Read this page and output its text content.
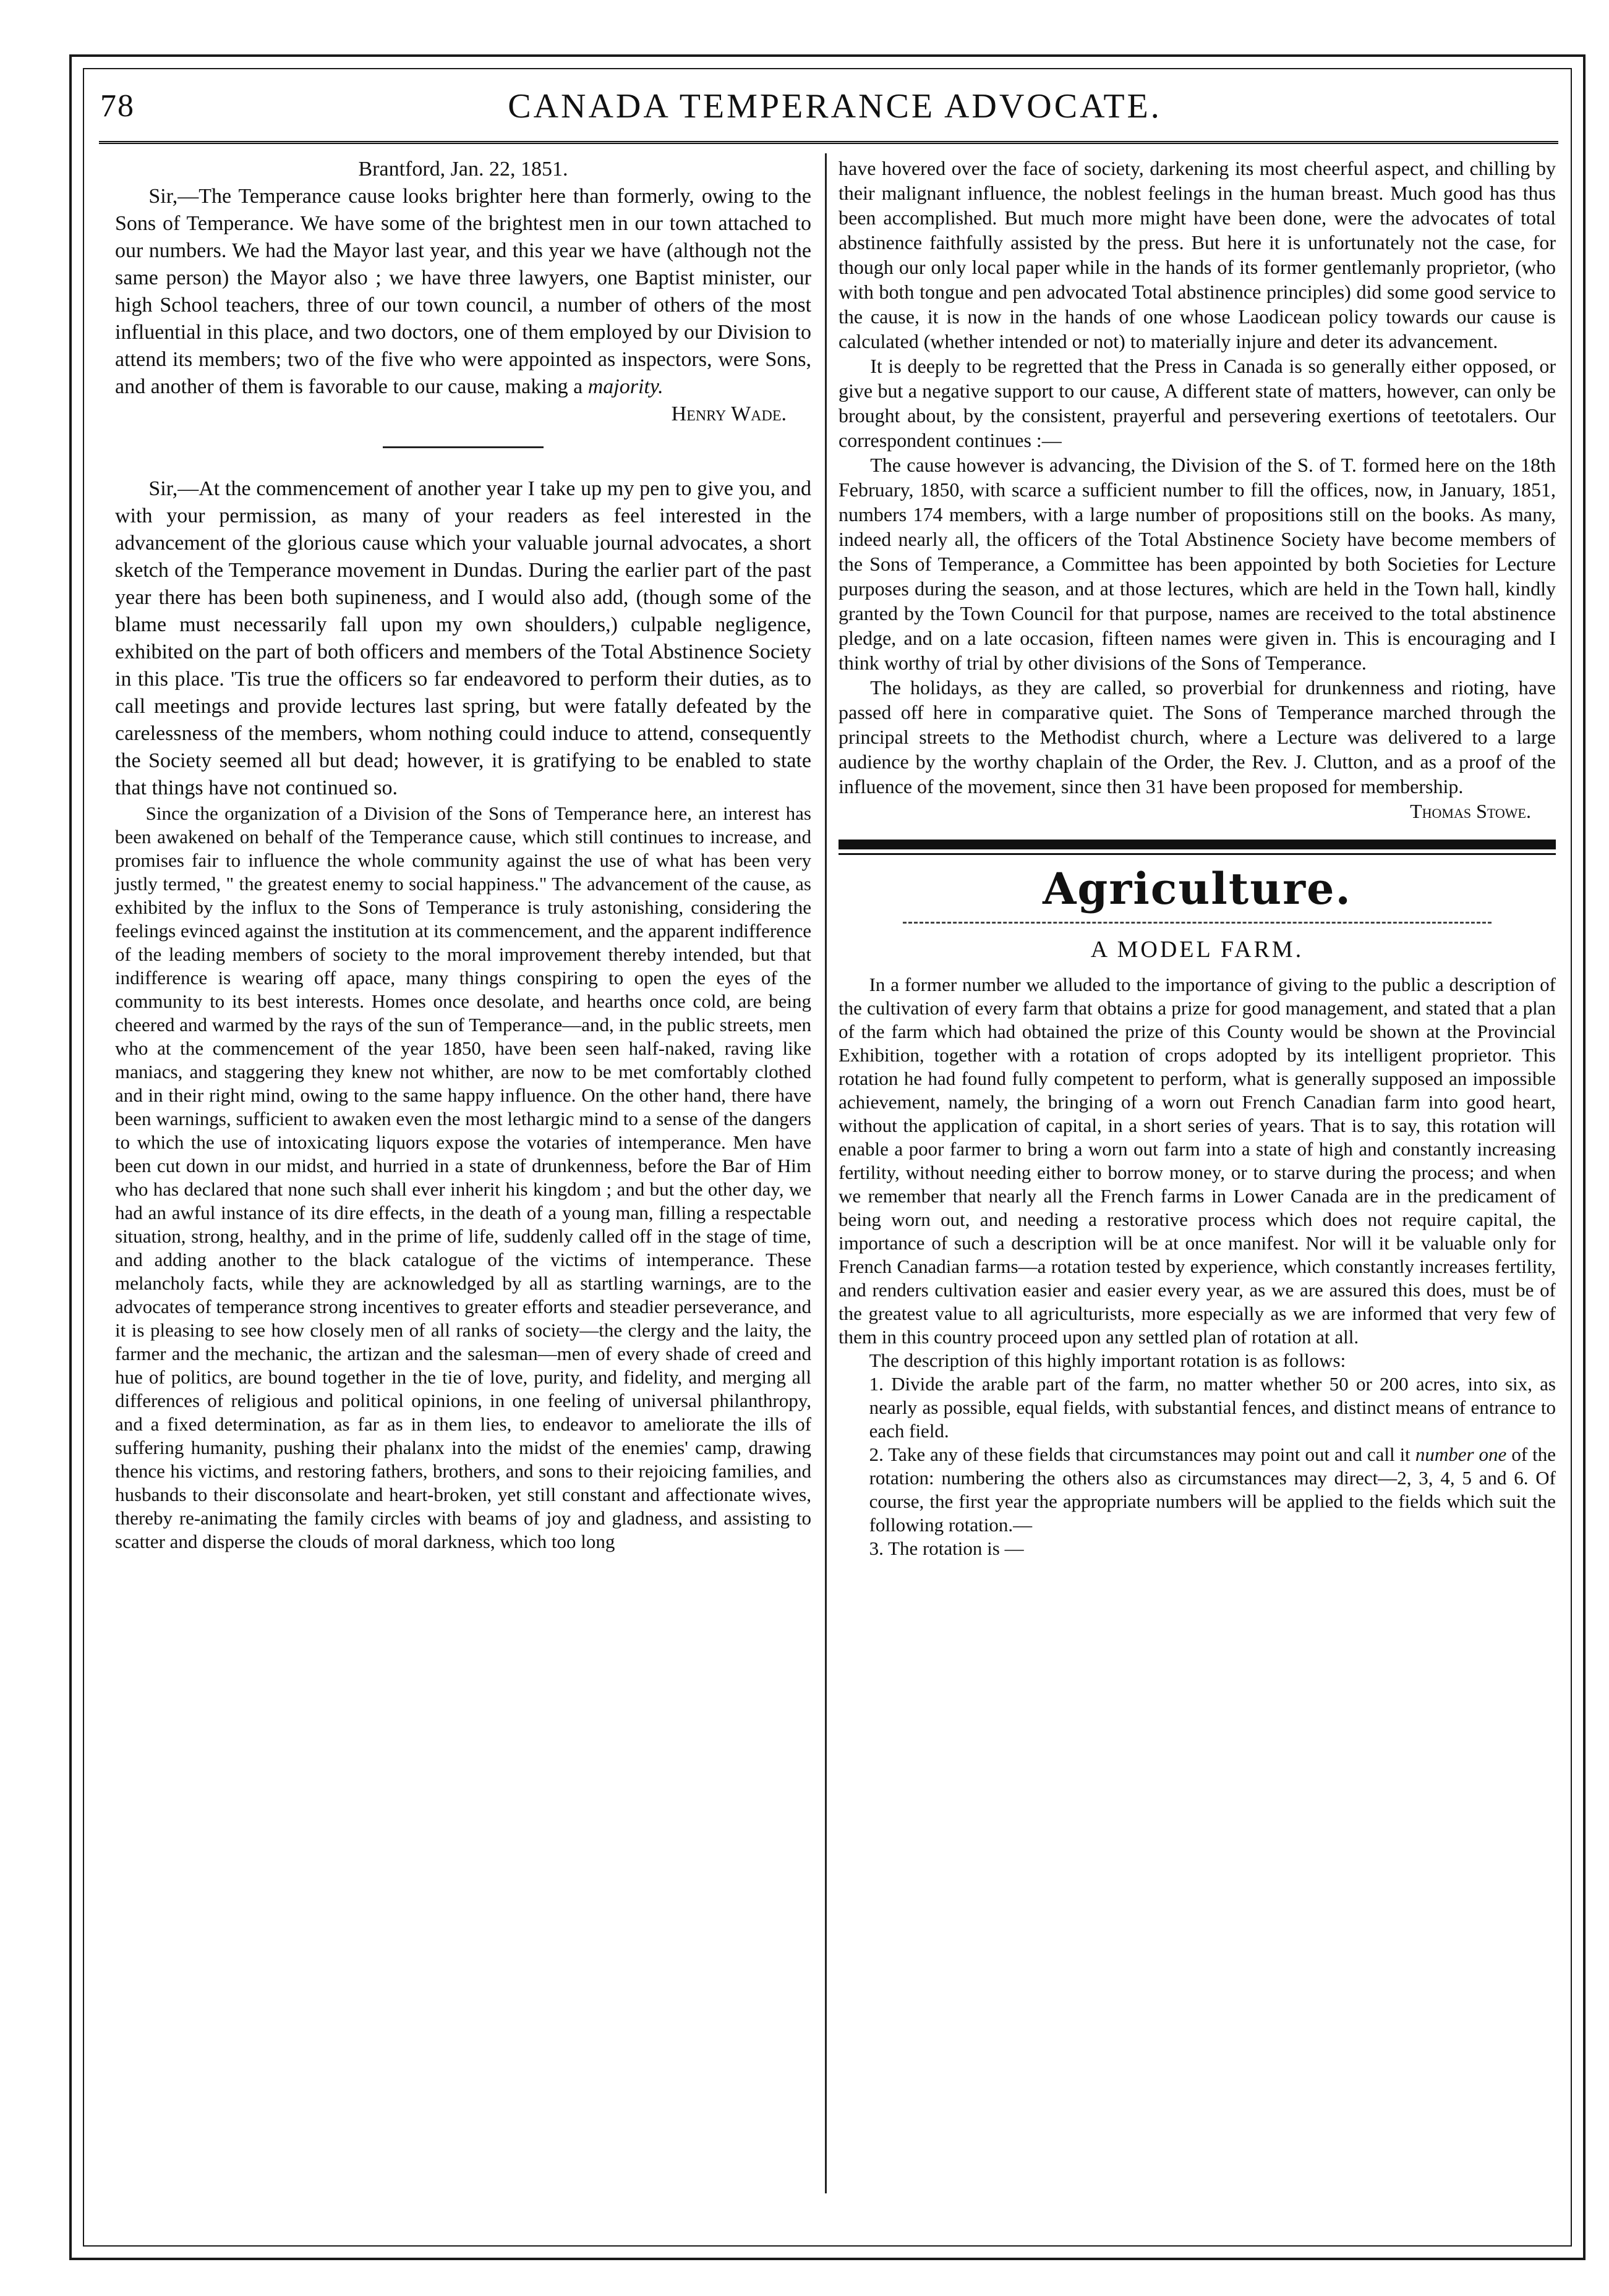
78	CANADA TEMPERANCE ADVOCATE.

Brantford, Jan. 22, 1851.

Sir,—The Temperance cause looks brighter here than formerly, owing to the Sons of Temperance. We have some of the brightest men in our town attached to our numbers. We had the Mayor last year, and this year we have (although not the same person) the Mayor also ; we have three lawyers, one Baptist minister, our high School teachers, three of our town council, a number of others of the most influential in this place, and two doctors, one of them employed by our Division to attend its members; two of the five who were appointed as inspectors, were Sons, and another of them is favorable to our cause, making a majority.

Henry Wade.

Sir,—At the commencement of another year I take up my pen to give you, and with your permission, as many of your readers as feel interested in the advancement of the glorious cause which your valuable journal advocates, a short sketch of the Temperance movement in Dundas. During the earlier part of the past year there has been both supineness, and I would also add, (though some of the blame must necessarily fall upon my own shoulders,) culpable negligence, exhibited on the part of both officers and members of the Total Abstinence Society in this place. 'Tis true the officers so far endeavored to perform their duties, as to call meetings and provide lectures last spring, but were fatally defeated by the carelessness of the members, whom nothing could induce to attend, consequently the Society seemed all but dead; however, it is gratifying to be enabled to state that things have not continued so.

Since the organization of a Division of the Sons of Temperance here, an interest has been awakened on behalf of the Temperance cause, which still continues to increase, and promises fair to influence the whole community against the use of what has been very justly termed, " the greatest enemy to social happiness." The advancement of the cause, as exhibited by the influx to the Sons of Temperance is truly astonishing, considering the feelings evinced against the institution at its commencement, and the apparent indifference of the leading members of society to the moral improvement thereby intended, but that indifference is wearing off apace, many things conspiring to open the eyes of the community to its best interests. Homes once desolate, and hearths once cold, are being cheered and warmed by the rays of the sun of Temperance—and, in the public streets, men who at the commencement of the year 1850, have been seen half-naked, raving like maniacs, and staggering they knew not whither, are now to be met comfortably clothed and in their right mind, owing to the same happy influence. On the other hand, there have been warnings, sufficient to awaken even the most lethargic mind to a sense of the dangers to which the use of intoxicating liquors expose the votaries of intemperance. Men have been cut down in our midst, and hurried in a state of drunkenness, before the Bar of Him who has declared that none such shall ever inherit his kingdom ; and but the other day, we had an awful instance of its dire effects, in the death of a young man, filling a respectable situation, strong, healthy, and in the prime of life, suddenly called off in the stage of time, and adding another to the black catalogue of the victims of intemperance. These melancholy facts, while they are acknowledged by all as startling warnings, are to the advocates of temperance strong incentives to greater efforts and steadier perseverance, and it is pleasing to see how closely men of all ranks of society—the clergy and the laity, the farmer and the mechanic, the artizan and the salesman—men of every shade of creed and hue of politics, are bound together in the tie of love, purity, and fidelity, and merging all differences of religious and political opinions, in one feeling of universal philanthropy, and a fixed determination, as far as in them lies, to endeavor to ameliorate the ills of suffering humanity, pushing their phalanx into the midst of the enemies' camp, drawing thence his victims, and restoring fathers, brothers, and sons to their rejoicing families, and husbands to their disconsolate and heart-broken, yet still constant and affectionate wives, thereby re-animating the family circles with beams of joy and gladness, and assisting to scatter and disperse the clouds of moral darkness, which too long

have hovered over the face of society, darkening its most cheerful aspect, and chilling by their malignant influence, the noblest feelings in the human breast. Much good has thus been accomplished. But much more might have been done, were the advocates of total abstinence faithfully assisted by the press. But here it is unfortunately not the case, for though our only local paper while in the hands of its former gentlemanly proprietor, (who with both tongue and pen advocated Total abstinence principles) did some good service to the cause, it is now in the hands of one whose Laodicean policy towards our cause is calculated (whether intended or not) to materially injure and deter its advancement.

It is deeply to be regretted that the Press in Canada is so generally either opposed, or give but a negative support to our cause, A different state of matters, however, can only be brought about, by the consistent, prayerful and persevering exertions of teetotalers. Our correspondent continues :—

The cause however is advancing, the Division of the S. of T. formed here on the 18th February, 1850, with scarce a sufficient number to fill the offices, now, in January, 1851, numbers 174 members, with a large number of propositions still on the books. As many, indeed nearly all, the officers of the Total Abstinence Society have become members of the Sons of Temperance, a Committee has been appointed by both Societies for Lecture purposes during the season, and at those lectures, which are held in the Town hall, kindly granted by the Town Council for that purpose, names are received to the total abstinence pledge, and on a late occasion, fifteen names were given in. This is encouraging and I think worthy of trial by other divisions of the Sons of Temperance.

The holidays, as they are called, so proverbial for drunkenness and rioting, have passed off here in comparative quiet. The Sons of Temperance marched through the principal streets to the Methodist church, where a Lecture was delivered to a large audience by the worthy chaplain of the Order, the Rev. J. Clutton, and as a proof of the influence of the movement, since then 31 have been proposed for membership.

Thomas Stowe.

Agriculture.
A MODEL FARM.

In a former number we alluded to the importance of giving to the public a description of the cultivation of every farm that obtains a prize for good management, and stated that a plan of the farm which had obtained the prize of this County would be shown at the Provincial Exhibition, together with a rotation of crops adopted by its intelligent proprietor. This rotation he had found fully competent to perform, what is generally supposed an impossible achievement, namely, the bringing of a worn out French Canadian farm into good heart, without the application of capital, in a short series of years. That is to say, this rotation will enable a poor farmer to bring a worn out farm into a state of high and constantly increasing fertility, without needing either to borrow money, or to starve during the process; and when we remember that nearly all the French farms in Lower Canada are in the predicament of being worn out, and needing a restorative process which does not require capital, the importance of such a description will be at once manifest. Nor will it be valuable only for French Canadian farms—a rotation tested by experience, which constantly increases fertility, and renders cultivation easier and easier every year, as we are assured this does, must be of the greatest value to all agriculturists, more especially as we are informed that very few of them in this country proceed upon any settled plan of rotation at all.

The description of this highly important rotation is as follows:

1. Divide the arable part of the farm, no matter whether 50 or 200 acres, into six, as nearly as possible, equal fields, with substantial fences, and distinct means of entrance to each field.

2. Take any of these fields that circumstances may point out and call it number one of the rotation: numbering the others also as circumstances may direct—2, 3, 4, 5 and 6. Of course, the first year the appropriate numbers will be applied to the fields which suit the following rotation.—

3. The rotation is —
